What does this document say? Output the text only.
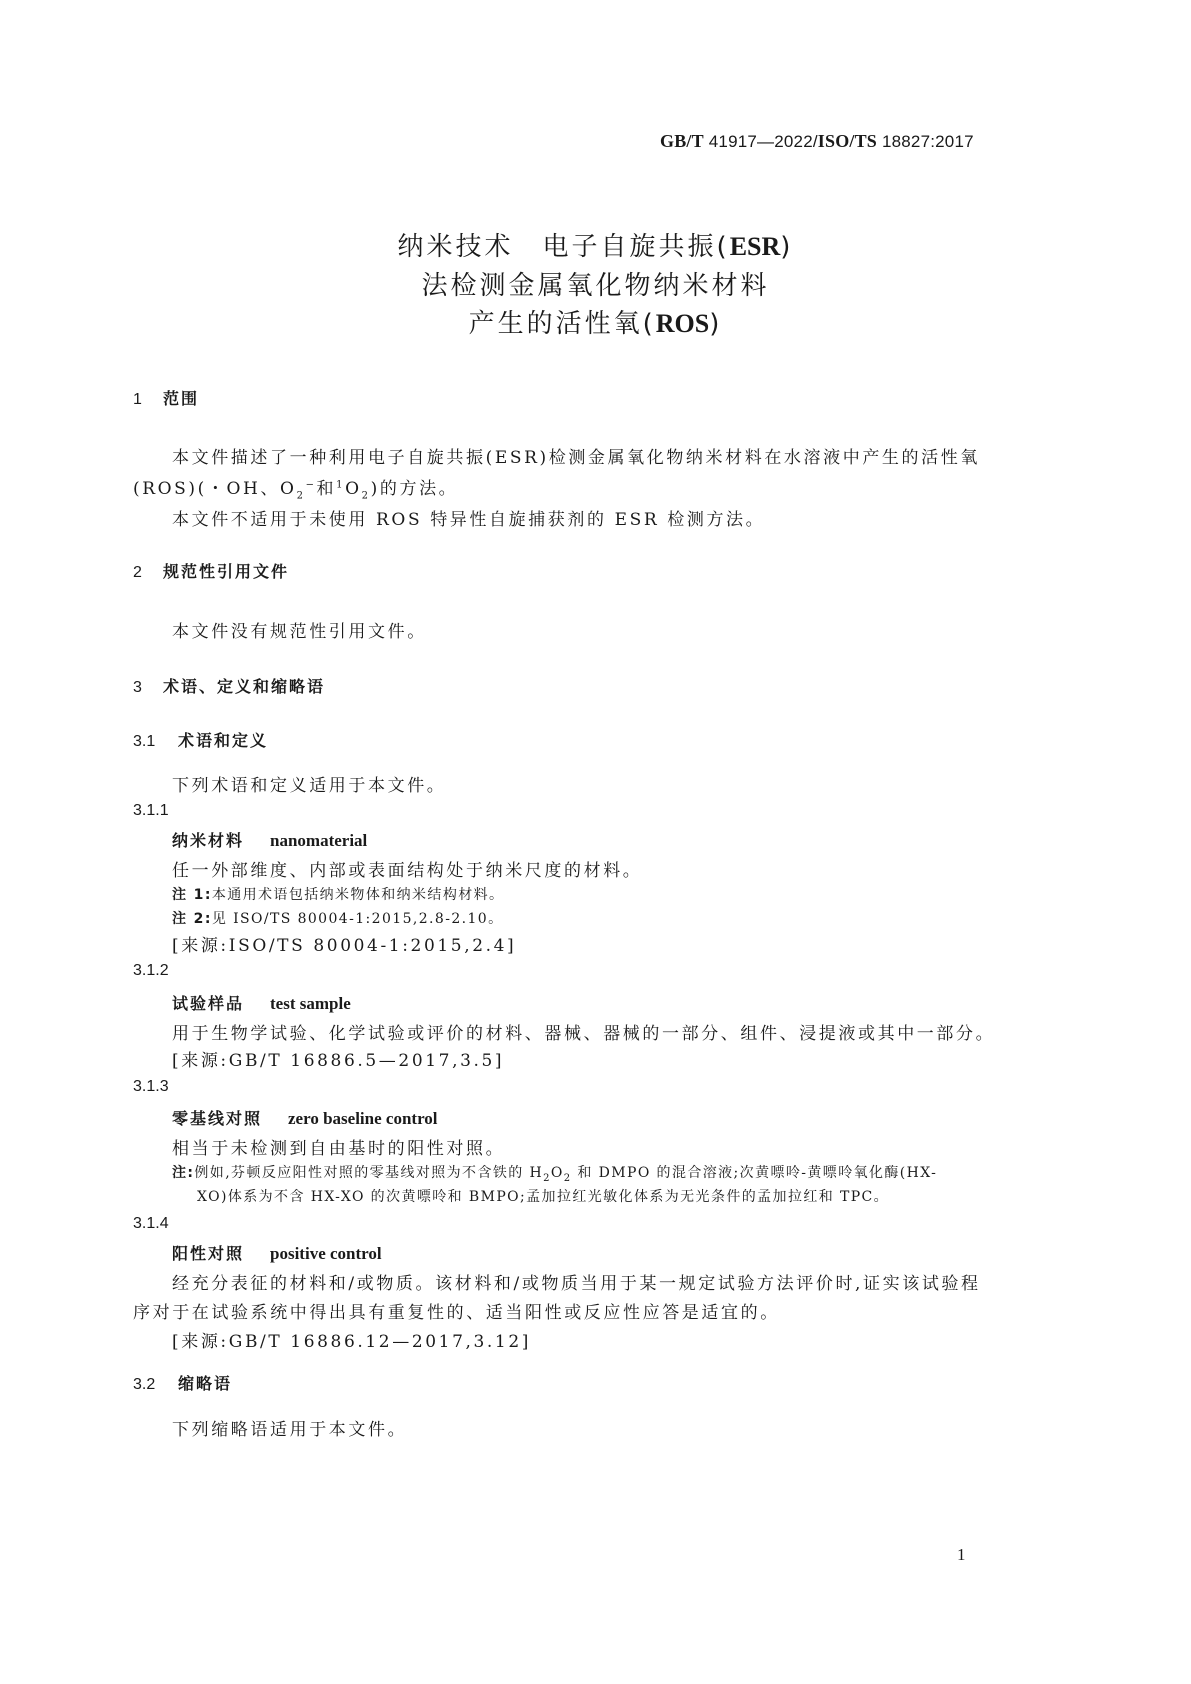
GB/T 41917—2022/ISO/TS 18827:2017
纳米技术　电子自旋共振(ESR)
法检测金属氧化物纳米材料
产生的活性氧(ROS)
1 范围
本文件描述了一种利用电子自旋共振(ESR)检测金属氧化物纳米材料在水溶液中产生的活性氧
(ROS)(・OH、$O_2^-$和$^1O_2$)的方法。
本文件不适用于未使用 ROS 特异性自旋捕获剂的 ESR 检测方法。
2 规范性引用文件
本文件没有规范性引用文件。
3 术语、定义和缩略语
3.1 术语和定义
下列术语和定义适用于本文件。
3.1.1
纳米材料 nanomaterial
任一外部维度、内部或表面结构处于纳米尺度的材料。
注 1:本通用术语包括纳米物体和纳米结构材料。
注 2:见 ISO/TS 80004-1:2015,2.8-2.10。
[来源:ISO/TS 80004-1:2015,2.4]
3.1.2
试验样品 test sample
用于生物学试验、化学试验或评价的材料、器械、器械的一部分、组件、浸提液或其中一部分。
[来源:GB/T 16886.5—2017,3.5]
3.1.3
零基线对照 zero baseline control
相当于未检测到自由基时的阳性对照。
注:例如,芬顿反应阳性对照的零基线对照为不含铁的 $H_2O_2$ 和 DMPO 的混合溶液;次黄嘌呤-黄嘌呤氧化酶(HX-
XO)体系为不含 HX-XO 的次黄嘌呤和 BMPO;孟加拉红光敏化体系为无光条件的孟加拉红和 TPC。
3.1.4
阳性对照 positive control
经充分表征的材料和/或物质。该材料和/或物质当用于某一规定试验方法评价时,证实该试验程
序对于在试验系统中得出具有重复性的、适当阳性或反应性应答是适宜的。
[来源:GB/T 16886.12—2017,3.12]
3.2 缩略语
下列缩略语适用于本文件。
1
